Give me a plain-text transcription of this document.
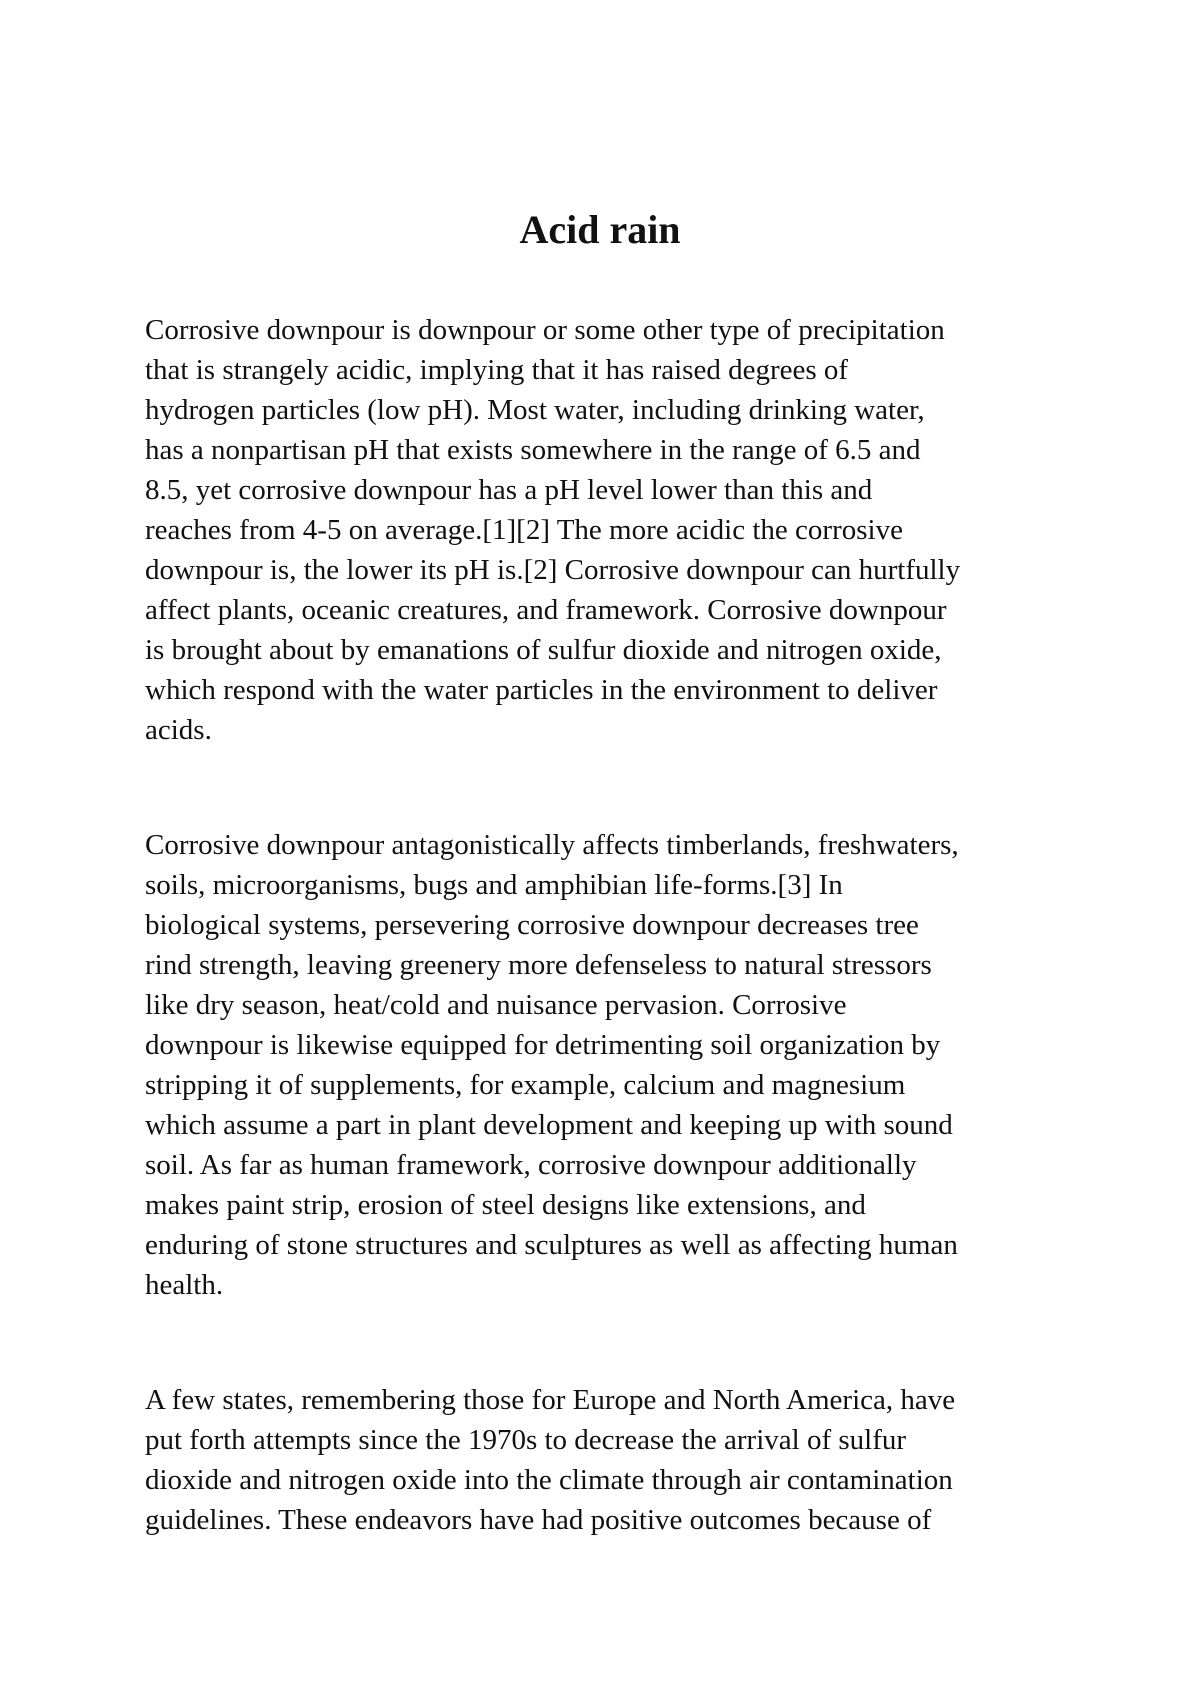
Acid rain

Corrosive downpour is downpour or some other type of precipitation
that is strangely acidic, implying that it has raised degrees of
hydrogen particles (low pH). Most water, including drinking water,
has a nonpartisan pH that exists somewhere in the range of 6.5 and
8.5, yet corrosive downpour has a pH level lower than this and
reaches from 4-5 on average.[1][2] The more acidic the corrosive
downpour is, the lower its pH is.[2] Corrosive downpour can hurtfully
affect plants, oceanic creatures, and framework. Corrosive downpour
is brought about by emanations of sulfur dioxide and nitrogen oxide,
which respond with the water particles in the environment to deliver
acids.

Corrosive downpour antagonistically affects timberlands, freshwaters,
soils, microorganisms, bugs and amphibian life-forms.[3] In
biological systems, persevering corrosive downpour decreases tree
rind strength, leaving greenery more defenseless to natural stressors
like dry season, heat/cold and nuisance pervasion. Corrosive
downpour is likewise equipped for detrimenting soil organization by
stripping it of supplements, for example, calcium and magnesium
which assume a part in plant development and keeping up with sound
soil. As far as human framework, corrosive downpour additionally
makes paint strip, erosion of steel designs like extensions, and
enduring of stone structures and sculptures as well as affecting human
health.

A few states, remembering those for Europe and North America, have
put forth attempts since the 1970s to decrease the arrival of sulfur
dioxide and nitrogen oxide into the climate through air contamination
guidelines. These endeavors have had positive outcomes because of
